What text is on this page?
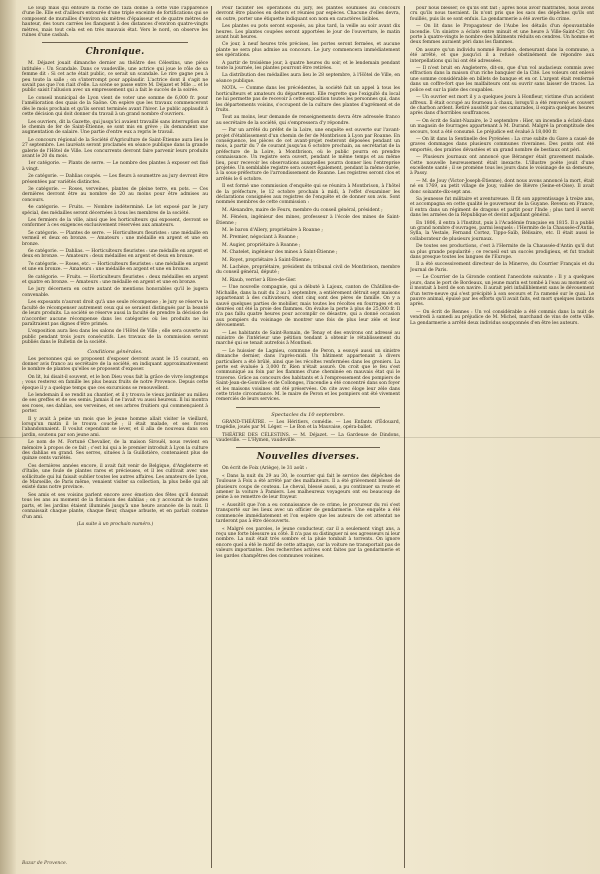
Le loup mais qui entoure la roche de Taza donne à cette ville l'apparence d'une île. Elle est d'ailleurs entourée d'une triple enceinte de fortifications qui se composent de murailles d'environ six mètres d'épaisseur et de quatre mètres de hauteur, des tours carrées les flanquent à des distances d'environ quatre-vingts mètres, mais tout cela est en très mauvais état. Vers le nord, on observe les ruines d'une casbah.

Chronique.

M. Déjazet jouait dimanche dernier au théâtre des Célestins, une pièce intitulée : Un Scandale. Dans ce vaudeville, une actrice qui joue le rôle de sa femme dit : Si cet acte était public, ce serait un scandale. Le rire gagne peu à peu toute la salle ; on s'interrompt pour applaudir. L'actrice dont il s'agit ne savait pas que l'on riait d'elle. La scène se passe entre M. Déjazet et Mlle ... et le public saisit l'allusion avec un empressement qui a fait le succès de la soirée.

Le conseil municipal de Lyon vient de voter une somme de 6,000 fr. pour l'amélioration des quais de la Saône. On espère que les travaux commenceront dès le mois prochain et qu'ils seront terminés avant l'hiver. Le public applaudit à cette décision qui doit donner du travail à un grand nombre d'ouvriers.

Les ouvriers, dit la Gazette, qui jusqu'ici avaient travaillé sans interruption sur le chemin de fer de Saint-Étienne, se sont mis en grève ; ils demandent une augmentation de salaire. Une partie d'entre eux a repris le travail.

Le concours régional de la Société d'Agriculture de Saint-Étienne aura lieu le 27 septembre. Les lauréats seront proclamés en séance publique dans la grande galerie de l'Hôtel de Ville. Les concurrents devront faire parvenir leurs produits avant le 20 du mois.

1er catégorie. — Plants de serre. — Le nombre des plantes à exposer est fixé à vingt.

2e catégorie. — Dahlias coupés. — Les fleurs à soumettre au jury devront être présentées par variétés distinctes.

3e catégorie. — Roses, verveines, plantes de pleine terre, en pots. — Ces dernières devront être au nombre de 20 au moins pour être admises au concours.

4e catégorie. — Fruits. — Nombre indéterminé. Le lot exposé par le jury spécial, des médailles seront décernées à tous les membres de la société.

Les fermiers de la ville, ainsi que les horticulteurs qui exposent, devront se conformer à ces exigences exclusivement réservées aux amateurs.

5e catégorie. — Plantes de serre. — Horticulteurs fleuristes : une médaille en vermeil et deux en bronze. — Amateurs : une médaille en argent et une en bronze.

6e catégorie. — Dahlias. — Horticulteurs fleuristes : une médaille en argent et deux en bronze. — Amateurs : deux médailles en argent et deux en bronze.

7e catégorie. — Roses, etc. — Horticulteurs fleuristes : une médaille en argent et une en bronze. — Amateurs : une médaille en argent et une en bronze.

8e catégorie. — Fruits. — Horticulteurs fleuristes : deux médailles en argent et quatre en bronze. — Amateurs : une médaille en argent et une en bronze.

Le jury décernera en outre autant de mentions honorables qu'il le jugera convenable.

Les exposants n'auront droit qu'à une seule récompense ; le jury se réserve la faculté de récompenser autrement ceux qui se seraient distingués par la beauté de leurs produits. La société se réserve aussi la faculté de prendre la décision de n'accorder aucune récompense dans les catégories où les produits ne lui paraîtraient pas dignes d'être primés.

L'exposition aura lieu dans les salons de l'Hôtel de Ville ; elle sera ouverte au public pendant trois jours consécutifs. Les travaux de la commission seront publiés dans le Bulletin de la société.

Conditions générales.

Les personnes qui se proposent d'exposer devront avant le 15 courant, en donner avis franco au secrétaire de la société, en indiquant approximativement le nombre de plantes qu'elles se proposent d'exposer.

On lit, lui disait-il souvent, et le bon Dieu vous fait la grâce de vivre longtemps ; vous resterez en famille les plus beaux fruits de notre Provence. Depuis cette époque il y a quelque temps que ces excursions se renouvellent.

Le lendemain il se rendit au chantier, et il y trouva le vieux jardinier au milieu de ses greffes et de ses semis. Jamais il ne l'avait vu aussi heureux. Il lui montra ses roses, ses dahlias, ses verveines, et ses arbres fruitiers qui commençaient à porter.

Il y avait à peine un mois que le jeune homme allait visiter le vieillard, lorsqu'un matin il le trouva couché ; il était malade, et ses forces l'abandonnaient. Il voulut cependant se lever, et il alla de nouveau dans son jardin, soutenu par son jeune ami.

Le nom de M. Fortuné Chevalier, de la maison Sirouël, nous revient en mémoire à propos de ce fait ; c'est lui qui a le premier introduit à Lyon la culture des dahlias en grand. Ses serres, situées à la Guillotière, contenaient plus de quinze cents variétés.

Ces dernières années encore, il avait fait venir de Belgique, d'Angleterre et d'Italie, une foule de plantes rares et précieuses, et il les cultivait avec une sollicitude qui lui faisait oublier toutes les autres affaires. Les amateurs de Lyon, de Marseille, de Paris même, venaient visiter sa collection, la plus belle qui ait existé dans notre province.

Ses amis et ses voisins parlent encore avec émotion des fêtes qu'il donnait tous les ans au moment de la floraison des dahlias ; on y accourait de toutes parts, et les jardins étaient illuminés jusqu'à une heure avancée de la nuit. Il connaissait chaque plante, chaque fleur, chaque arbuste, et en parlait comme d'un ami.

(La suite à un prochain numéro.)
Bazar de Provence.

Pour faciliter les opérations du jury, les plantes soumises au concours devront être placées en dehors et réunies par espèces. Chacune d'elles devra, en outre, porter une étiquette indiquant son nom en caractères lisibles.

Les plantes ou pots seront exposés, au plus tard, la veille au soir avant dix heures. Les plantes coupées seront apportées le jour de l'ouverture, le matin avant huit heures.

Ce jour, à neuf heures très précises, les portes seront fermées, et aucune plante ne sera plus admise au concours. Le jury commencera immédiatement ses opérations.

A partir de troisième jour, à quatre heures du soir, et le lendemain pendant toute la journée, les plantes pourront être retirées.

La distribution des médailles aura lieu le 28 septembre, à l'Hôtel de Ville, en séance publique.

NOTA. — Comme dans les précédentes, la société fait un appel à tous les horticulteurs et amateurs du département. Elle regrette que l'exiguïté du local ne lui permette pas de recevoir à cette exposition toutes les personnes qui, dans les départements voisins, s'occupent de la culture des plantes d'agrément et de fruits.

Tout au moins, leur demande de renseignements devra être adressée franco au secrétaire de la société, qui s'empressera d'y répondre.

— Par un arrêté du préfet de la Loire, une enquête est ouverte sur l'avant-projet d'établissement d'un chemin de fer de Montbrison à Lyon par Roanne. En conséquence, les pièces de cet avant-projet resteront déposées pendant un mois, à partir du 7 de courant jusqu'au 6 octobre prochain, au secrétariat de la préfecture de la Loire, à Montbrison, où le public pourra en prendre connaissance. Un registre sera ouvert, pendant le même temps et au même lieu, pour recevoir les observations auxquelles pourra donner lieu l'entreprise projetée. Un semblable registre sera ouvert également, pendant la même durée, à la sous-préfecture de l'arrondissement de Roanne. Les registres seront clos et arrêtés le 6 octobre.

Il est formé une commission d'enquête qui se réunira à Montbrison, à l'hôtel de la préfecture, le 12 octobre prochain à midi, à l'effet d'examiner les déclarations consignées aux registres de l'enquête et de donner son avis. Sont nommés membres de cette commission :

M. Alexandre, maire de Feurs, membre du conseil général, président ;

M. Fénéon, ingénieur des mines, professeur à l'école des mines de Saint-Étienne ;

M. le baron d'Allery, propriétaire à Roanne ;

M. Premier, négociant à Roanne ;

M. Augier, propriétaire à Roanne ;

M. Chatelet, ingénieur des mines à Saint-Étienne ;

M. Royet, propriétaire à Saint-Étienne ;

M. Lachèze, propriétaire, président du tribunal civil de Montbrison, membre du conseil général, député ;

M. Riaub, verrier à Rive-de-Gier.

— Une nouvelle compagnie, qui a débuté à Lajoux, canton de Châtillon-de-Michaille, dans la nuit du 2 au 3 septembre, a entièrement détruit sept maisons appartenant à des cultivateurs, dont cinq sont des pères de famille. On y a sauvé quelques parties de mobilier, mais toutes les récoltes en fourrages et en denrées ont été la proie des flammes. On évalue la perte à plus de 25,000 fr. Il n'a pas fallu quatre heures pour accomplir ce désastre, qui a donné occasion aux pompiers du voisinage de montrer une fois de plus leur zèle et leur dévouement.

— Les habitants de Saint-Romain, de Tenay et des environs ont adressé au ministre de l'intérieur une pétition tendant à obtenir le rétablissement du marché qui se tenait autrefois à Montluel.

— Le huissier de Lagnieu, commune de Peron, a essuyé aussi un sinistre dimanche dernier, dans l'après-midi. Un bâtiment appartenant à divers particuliers a été brûlé, ainsi que les récoltes renfermées dans les greniers. La perte est évaluée à 3,000 fr. Rien n'était assuré. On croit que le feu s'est communiqué au foin par les flammes d'une cheminée en mauvais état qui le traverse. Grâce au concours des habitants et à l'empressement des pompiers de Saint-Jean-de-Gonville et de Collonges, l'incendie a été concentré dans son foyer et les maisons voisines ont été préservées. On cite avec éloge leur zèle dans cette triste circonstance. M. le maire de Peron et les pompiers ont été vivement remerciés de leurs services.

Spectacles du 10 septembre.

GRAND-THÉÂTRE. — Les Héritiers, comédie. — Les Enfants d'Édouard, tragédie, joués par M. Léger. — Le Bon et la Mauvaise, opéra-ballet.

THÉÂTRE DES CÉLESTINS. — M. Déjazet. — La Gardeuse de Dindons, vaudeville. — L'Hymen, vaudeville.

Nouvelles diverses.

On écrit de Foix (Ariège), le 31 août :

« Dans la nuit du 29 au 30, le courrier qui fait le service des dépêches de Toulouse à Foix a été arrêté par des malfaiteurs. Il a été grièvement blessé de plusieurs coups de couteau. Le cheval, blessé aussi, a pu continuer sa route et amener la voiture à Pamiers. Les malheureux voyageurs ont eu beaucoup de peine à se remettre de leur frayeur.

« Aussitôt que l'on a eu connaissance de ce crime, le procureur du roi s'est transporté sur les lieux avec un officier de gendarmerie. Une enquête a été commencée immédiatement et l'on espère que les auteurs de cet attentat ne tarderont pas à être découverts.

« Malgré ces paroles, le jeune conducteur, car il a seulement vingt ans, a reçu une forte blessure au côté. Il n'a pas su distinguer ni ses agresseurs ni leur nombre. La nuit était très sombre et la pluie tombait à torrents. On ignore encore quel a été le motif de cette attaque, car la voiture ne transportait pas de valeurs importantes. Des recherches actives sont faites par la gendarmerie et les gardes champêtres des communes voisines.

pour nous blesser, ce qu'ils ont fait ; après nous avoir maltraités, nous avons cru qu'ils nous tueraient. Ils n'ont pris que les sacs des dépêches qu'ils ont fouillés, puis ils se sont enfuis. La gendarmerie a été avertie du crime.

— On lit dans le Propagateur de l'Aube les détails d'un épouvantable incendie. Un sinistre a éclaté entre minuit et une heure à Ville-Saint-Cyr. On porte à quatre-vingts le nombre des bâtiments réduits en cendres. Un homme et deux femmes auraient péri dans les flammes.

On assure qu'un individu nommé Bourdon, demeurant dans la commune, a été arrêté, et que jusqu'ici il a refusé obstinément de répondre aux interpellations qui lui ont été adressées.

— Il n'est bruit en Angleterre, dit-on, que d'un vol audacieux commis avec effraction dans la maison d'un riche banquier de la Cité. Les voleurs ont enlevé une somme considérable en billets de banque et en or. L'argent était renfermé dans un coffre-fort que les malfaiteurs ont su ouvrir sans laisser de traces. La police est sur la piste des coupables.

— Un ouvrier est mort il y a quelques jours à Honfleur, victime d'un accident affreux. Il était occupé au fourneau à chaux, lorsqu'il a été renversé et couvert de charbon ardent. Retiré aussitôt par ses camarades, il expira quelques heures après dans d'horribles souffrances.

— On écrit de Saint-Nazaire, le 2 septembre : Hier, un incendie a éclaté dans un magasin de fourrages appartenant à M. Durand. Malgré la promptitude des secours, tout a été consumé. Le préjudice est évalué à 18,000 fr.

— On lit dans la Sentinelle des Pyrénées : La crue subite du Gave a causé de graves dommages dans plusieurs communes riveraines. Des ponts ont été emportés, des prairies dévastées et un grand nombre de bestiaux ont péri.

— Plusieurs journaux ont annoncé que Béranger était gravement malade. Cette nouvelle heureusement était inexacte. L'illustre poète jouit d'une excellente santé ; il se promène tous les jours dans le voisinage de sa demeure, à Passy.

— M. de Jouy (Victor-Joseph-Étienne), dont nous avons annoncé la mort, était né en 1769, au petit village de Jouy, vallée de Bièvre (Seine-et-Oise). Il avait donc soixante-dix-sept ans.

Sa jeunesse fut militaire et aventureuse. Il fit son apprentissage à treize ans, et accompagna en cette qualité le gouverneur de la Guyane. Revenu en France, il entra dans un régiment de dragons et partit pour l'Inde ; plus tard il servit dans les armées de la République et devint adjudant général.

En 1806, il entra à l'Institut, puis à l'Académie française en 1815. Il a publié un grand nombre d'ouvrages, parmi lesquels : l'Hermite de la Chaussée-d'Antin, Sylla, la Vestale, Fernand Cortez, Tippo-Saïb, Bélisaire, etc. Il était aussi le collaborateur de plusieurs journaux.

De toutes ses productions, c'est à l'Hermite de la Chaussée-d'Antin qu'il dut sa plus grande popularité ; ce recueil eut un succès prodigieux, et fut traduit dans presque toutes les langues de l'Europe.

Il a été successivement directeur de la Minerve, du Courrier Français et du Journal de Paris.

— Le Courrier de la Gironde contient l'anecdote suivante : Il y a quelques jours, dans le port de Bordeaux, un jeune marin est tombé à l'eau au moment où il montait à bord de son navire. Il aurait péri infailliblement sans le dévouement d'un terre-neuve qui s'est précipité à son secours et l'a ramené sur le quai. Le pauvre animal, épuisé par les efforts qu'il avait faits, est mort quelques instants après.

— On écrit de Rennes : Un vol considérable a été commis dans la nuit de vendredi à samedi au préjudice de M. Michel, marchand de vins de cette ville. La gendarmerie a arrêté deux individus soupçonnés d'en être les auteurs.
